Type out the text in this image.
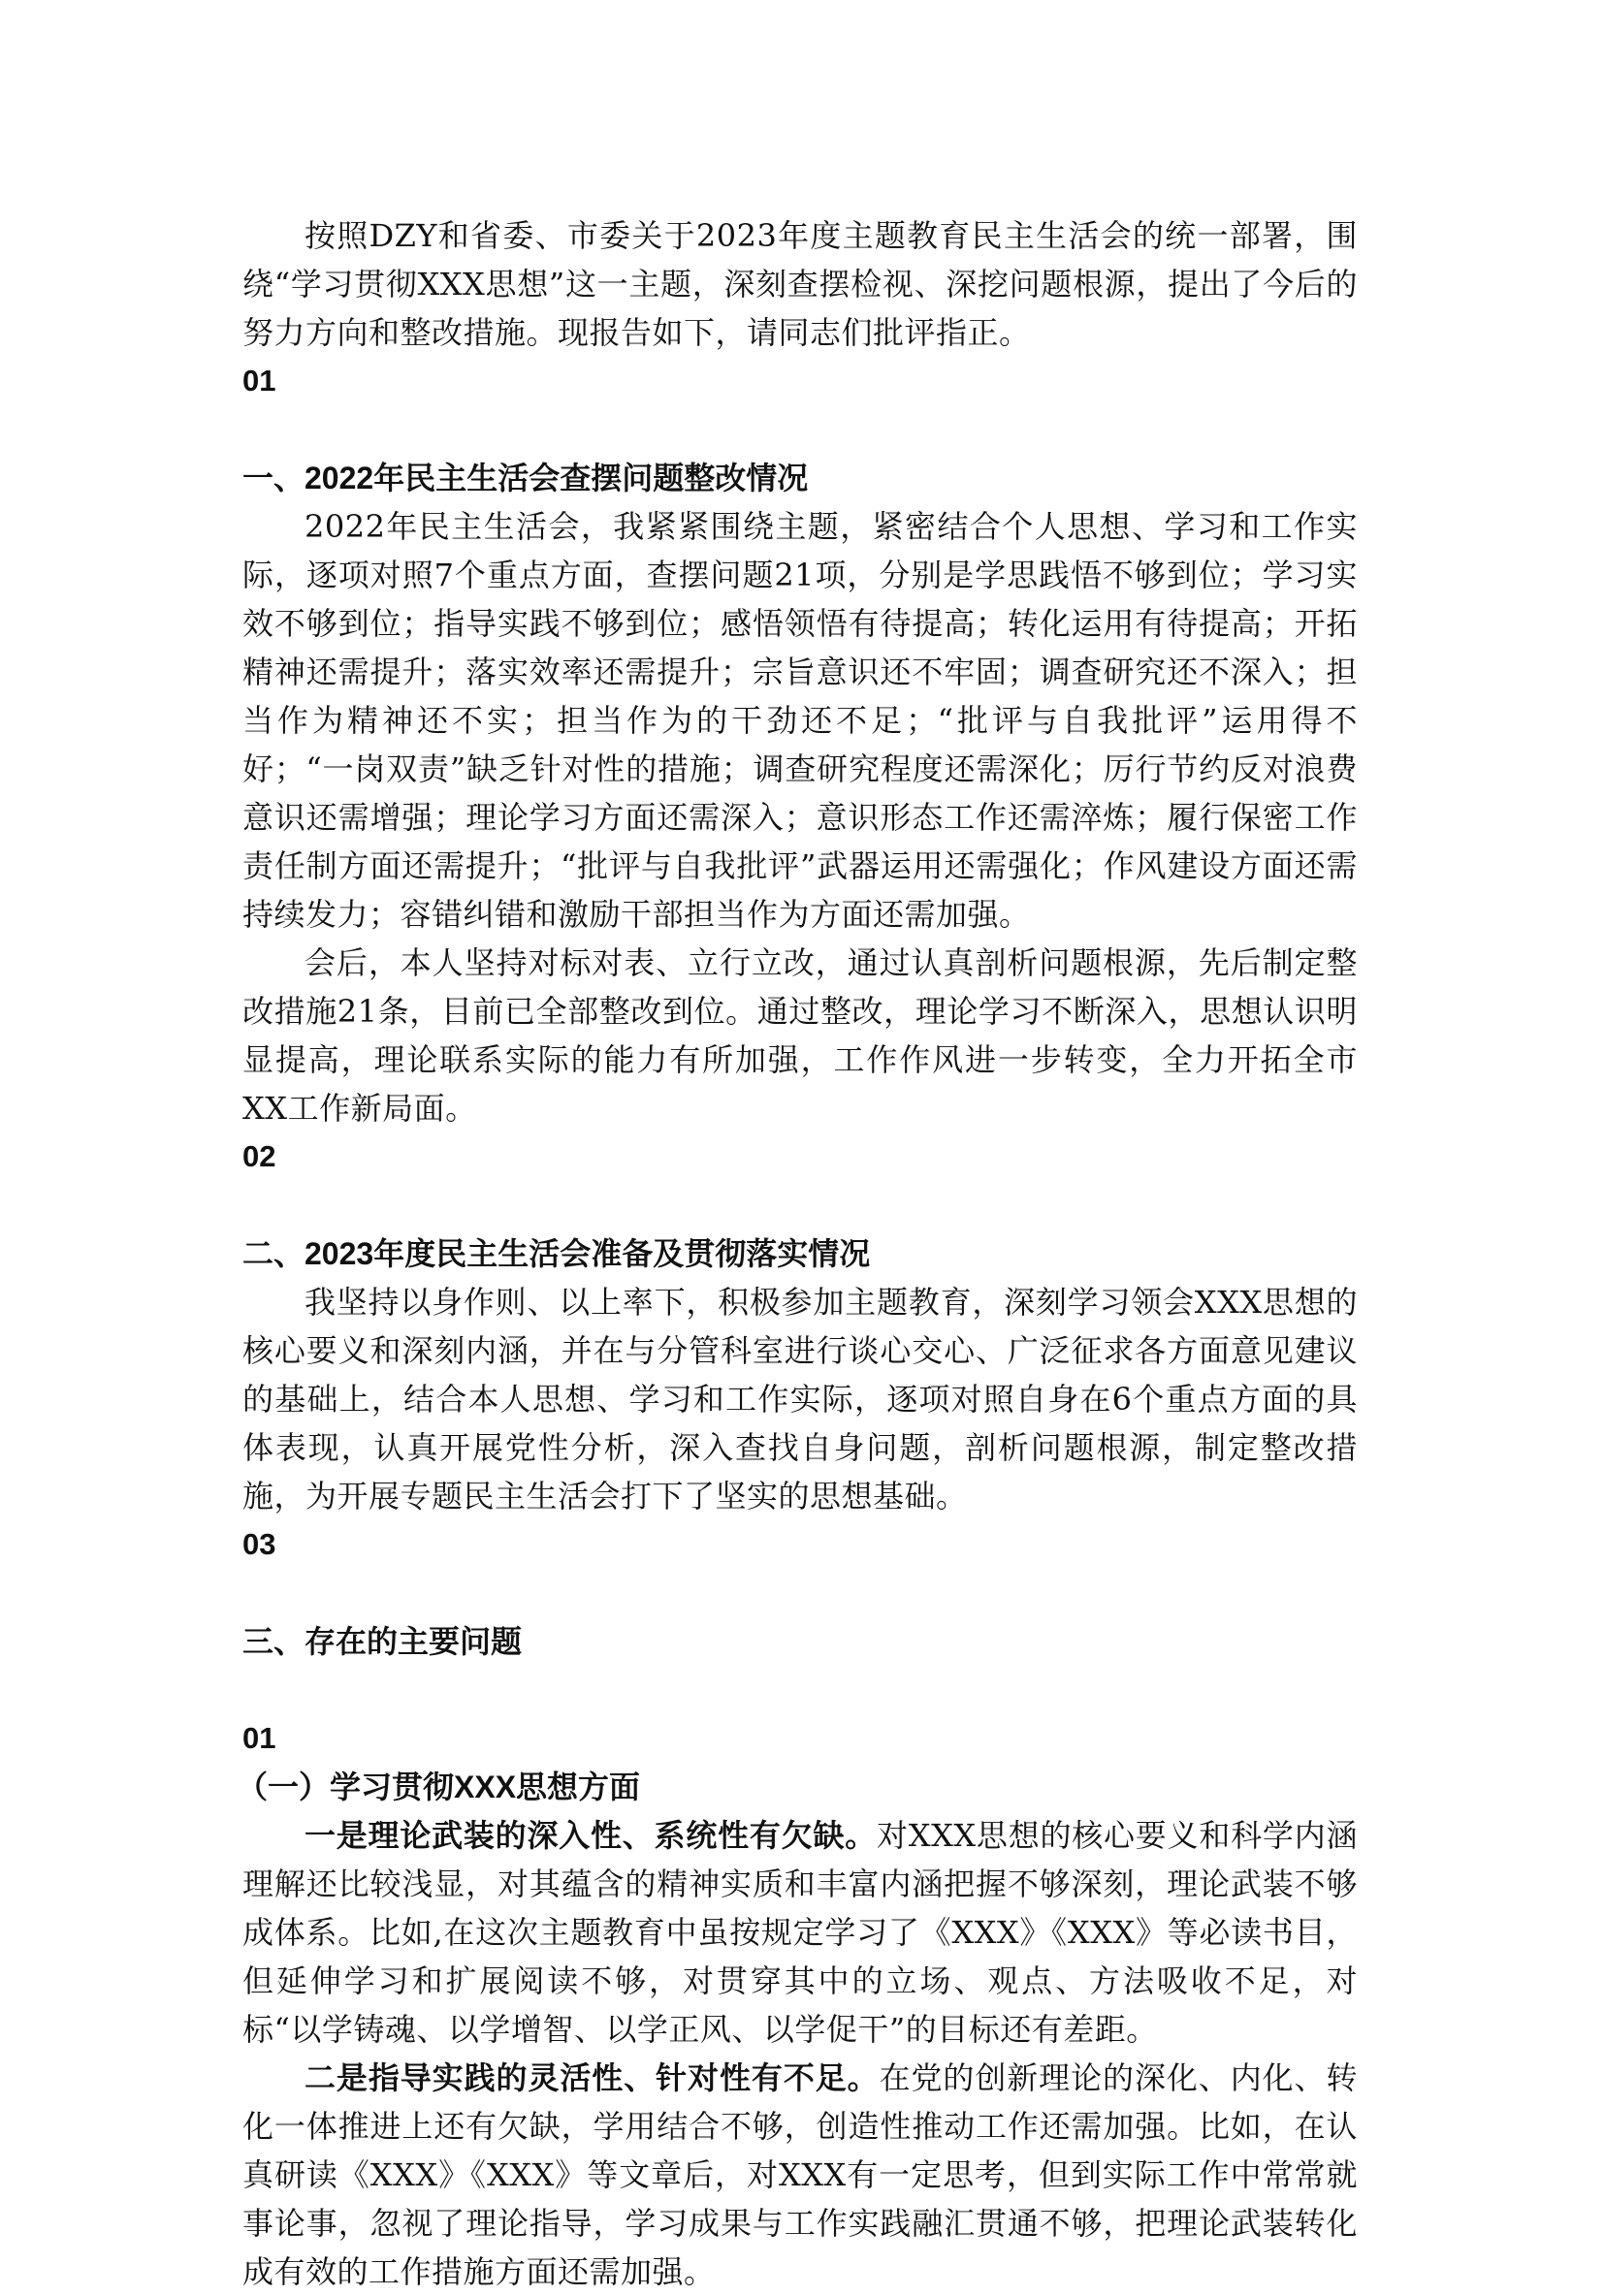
按照DZY和省委、市委关于2023年度主题教育民主生活会的统一部署，围绕“学习贯彻XXX思想”这一主题，深刻查摆检视、深挖问题根源，提出了今后的努力方向和整改措施。现报告如下，请同志们批评指正。

01
一、2022年民主生活会查摆问题整改情况

2022年民主生活会，我紧紧围绕主题，紧密结合个人思想、学习和工作实际，逐项对照7个重点方面，查摆问题21项，分别是学思践悟不够到位；学习实效不够到位；指导实践不够到位；感悟领悟有待提高；转化运用有待提高；开拓精神还需提升；落实效率还需提升；宗旨意识还不牢固；调查研究还不深入；担当作为精神还不实；担当作为的干劲还不足；“批评与自我批评”运用得不好；“一岗双责”缺乏针对性的措施；调查研究程度还需深化；厉行节约反对浪费意识还需增强；理论学习方面还需深入；意识形态工作还需淬炼；履行保密工作责任制方面还需提升；“批评与自我批评”武器运用还需强化；作风建设方面还需持续发力；容错纠错和激励干部担当作为方面还需加强。

会后，本人坚持对标对表、立行立改，通过认真剖析问题根源，先后制定整改措施21条，目前已全部整改到位。通过整改，理论学习不断深入，思想认识明显提高，理论联系实际的能力有所加强，工作作风进一步转变，全力开拓全市XX工作新局面。

02
二、2023年度民主生活会准备及贯彻落实情况

我坚持以身作则、以上率下，积极参加主题教育，深刻学习领会XXX思想的核心要义和深刻内涵，并在与分管科室进行谈心交心、广泛征求各方面意见建议的基础上，结合本人思想、学习和工作实际，逐项对照自身在6个重点方面的具体表现，认真开展党性分析，深入查找自身问题，剖析问题根源，制定整改措施，为开展专题民主生活会打下了坚实的思想基础。

03
三、存在的主要问题
01
（一）学习贯彻XXX思想方面

一是理论武装的深入性、系统性有欠缺。对XXX思想的核心要义和科学内涵理解还比较浅显，对其蕴含的精神实质和丰富内涵把握不够深刻，理论武装不够成体系。比如,在这次主题教育中虽按规定学习了《XXX》《XXX》等必读书目，但延伸学习和扩展阅读不够，对贯穿其中的立场、观点、方法吸收不足，对标“以学铸魂、以学增智、以学正风、以学促干”的目标还有差距。

二是指导实践的灵活性、针对性有不足。在党的创新理论的深化、内化、转化一体推进上还有欠缺，学用结合不够，创造性推动工作还需加强。比如，在认真研读《XXX》《XXX》等文章后，对XXX有一定思考，但到实际工作中常常就事论事，忽视了理论指导，学习成果与工作实践融汇贯通不够，把理论武装转化成有效的工作措施方面还需加强。
